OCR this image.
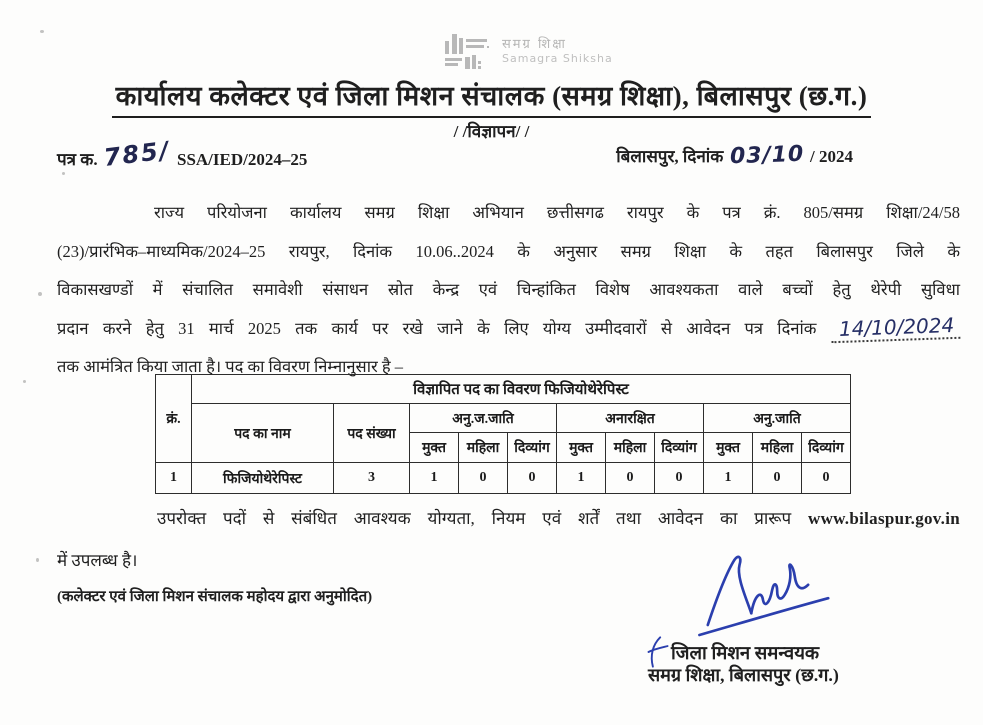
समग्र शिक्षा
Samagra Shiksha
कार्यालय कलेक्टर एवं जिला मिशन संचालक (समग्र शिक्षा), बिलासपुर (छ.ग.)
/ /विज्ञापन/ /
पत्र क. 785/ SSA/IED/2024–25	बिलासपुर, दिनांक 03/10 / 2024
राज्य परियोजना कार्यालय समग्र शिक्षा अभियान छत्तीसगढ रायपुर के पत्र क्रं. 805/समग्र शिक्षा/24/58
(23)/प्रारंभिक–माध्यमिक/2024–25 रायपुर, दिनांक 10.06..2024 के अनुसार समग्र शिक्षा के तहत बिलासपुर जिले के
विकासखण्डों में संचालित समावेशी संसाधन स्रोत केन्द्र एवं चिन्हांकित विशेष आवश्यकता वाले बच्चों हेतु थेरेपी सुविधा
प्रदान करने हेतु 31 मार्च 2025 तक कार्य पर रखे जाने के लिए योग्य उम्मीदवारों से आवेदन पत्र दिनांक 14/10/2024
तक आमंत्रित किया जाता है। पद का विवरण निम्नानुसार है –
क्रं.	विज्ञापित पद का विवरण फिजियोथेरेपिस्ट										
	पद का नाम	पद संख्या	अनु.ज.जाति			अनारक्षित			अनु.जाति		
			मुक्त	महिला	दिव्यांग	मुक्त	महिला	दिव्यांग	मुक्त	महिला	दिव्यांग
1	फिजियोथेरेपिस्ट	3	1	0	0	1	0	0	1	0	0
उपरोक्त पदों से संबंधित आवश्यक योग्यता, नियम एवं शर्तें तथा आवेदन का प्रारूप www.bilaspur.gov.in
में उपलब्ध है।
(कलेक्टर एवं जिला मिशन संचालक महोदय द्वारा अनुमोदित)
जिला मिशन समन्वयक
समग्र शिक्षा, बिलासपुर (छ.ग.)
